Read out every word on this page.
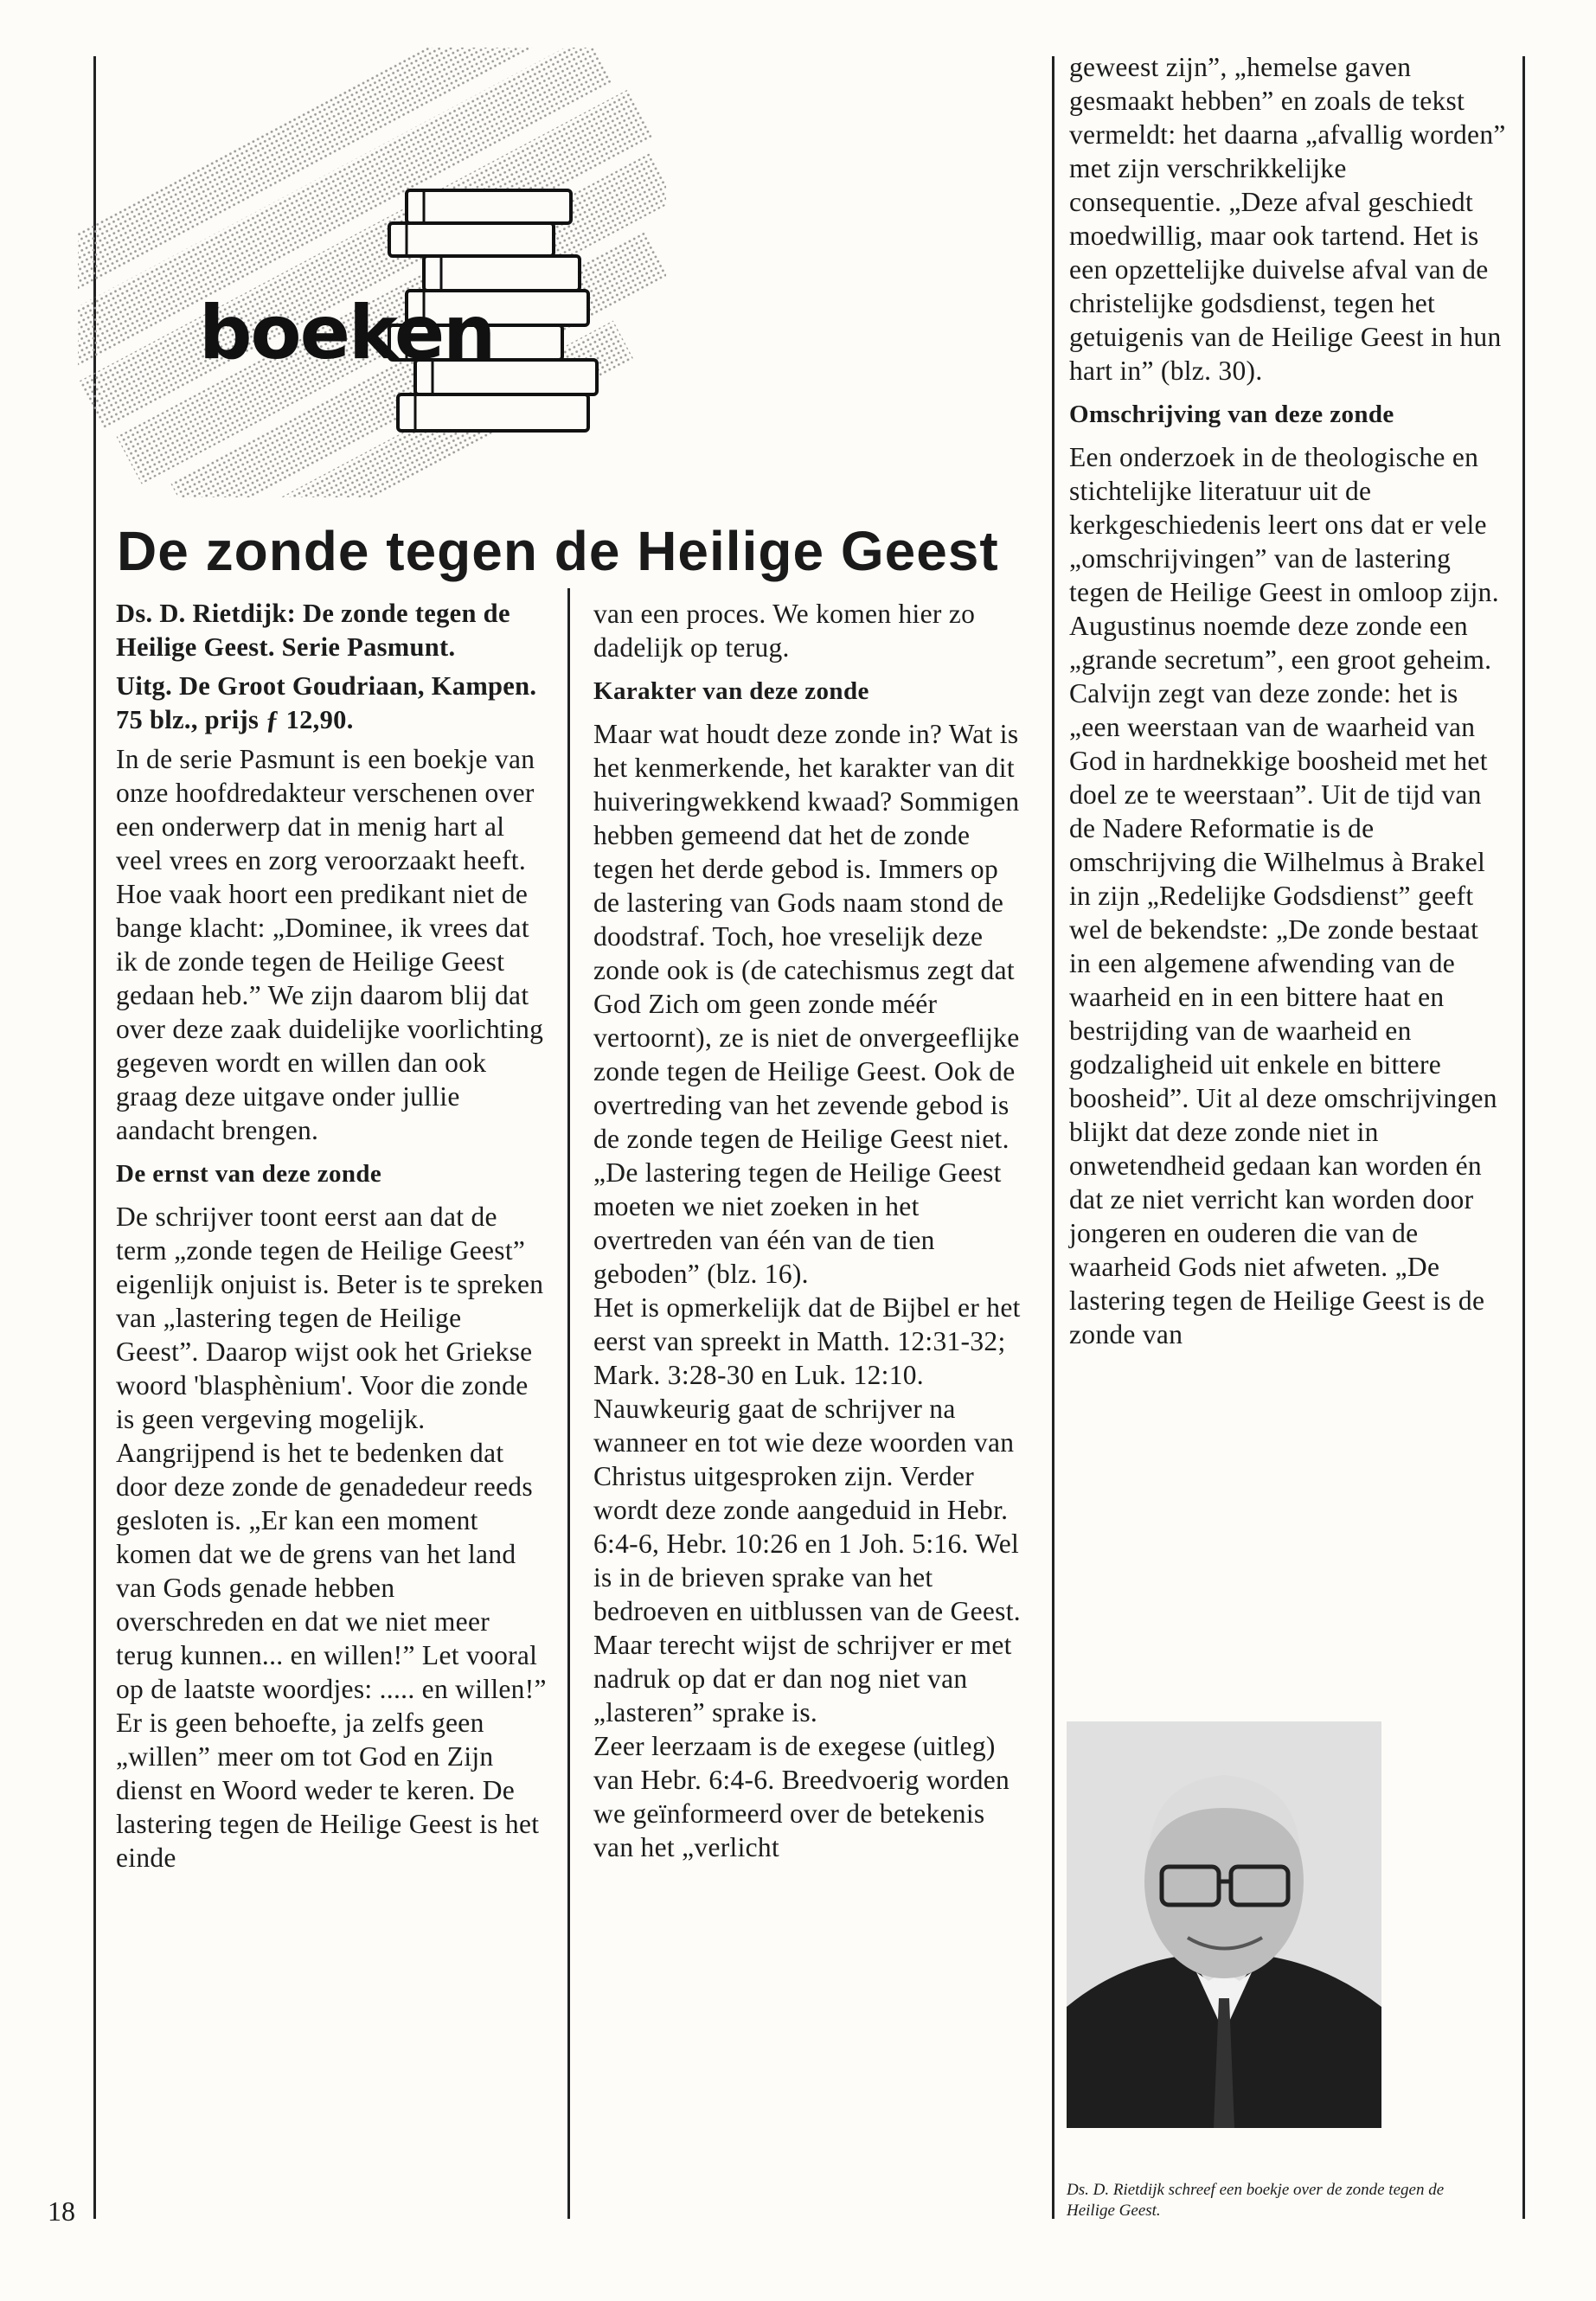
boeken
De zonde tegen de Heilige Geest

Ds. D. Rietdijk: De zonde tegen de Heilige Geest. Serie Pasmunt.

Uitg. De Groot Goudriaan, Kampen. 75 blz., prijs ƒ 12,90.

In de serie Pasmunt is een boekje van onze hoofdredakteur verschenen over een onderwerp dat in menig hart al veel vrees en zorg veroorzaakt heeft. Hoe vaak hoort een predikant niet de bange klacht: „Dominee, ik vrees dat ik de zonde tegen de Heilige Geest gedaan heb.” We zijn daarom blij dat over deze zaak duidelijke voorlichting gegeven wordt en willen dan ook graag deze uitgave onder jullie aandacht brengen.

De ernst van deze zonde

De schrijver toont eerst aan dat de term „zonde tegen de Heilige Geest” eigenlijk onjuist is. Beter is te spreken van „lastering tegen de Heilige Geest”. Daarop wijst ook het Griekse woord 'blasphènium'. Voor die zonde is geen vergeving mogelijk. Aangrijpend is het te bedenken dat door deze zonde de genadedeur reeds gesloten is. „Er kan een moment komen dat we de grens van het land van Gods genade hebben overschreden en dat we niet meer terug kunnen... en willen!” Let vooral op de laatste woordjes: ..... en willen!” Er is geen behoefte, ja zelfs geen „willen” meer om tot God en Zijn dienst en Woord weder te keren. De lastering tegen de Heilige Geest is het einde

van een proces. We komen hier zo dadelijk op terug.

Karakter van deze zonde

Maar wat houdt deze zonde in? Wat is het kenmerkende, het karakter van dit huiveringwekkend kwaad? Sommigen hebben gemeend dat het de zonde tegen het derde gebod is. Immers op de lastering van Gods naam stond de doodstraf. Toch, hoe vreselijk deze zonde ook is (de catechismus zegt dat God Zich om geen zonde méér vertoornt), ze is niet de onvergeeflijke zonde tegen de Heilige Geest. Ook de overtreding van het zevende gebod is de zonde tegen de Heilige Geest niet. „De lastering tegen de Heilige Geest moeten we niet zoeken in het overtreden van één van de tien geboden” (blz. 16).

Het is opmerkelijk dat de Bijbel er het eerst van spreekt in Matth. 12:31-32; Mark. 3:28-30 en Luk. 12:10.

Nauwkeurig gaat de schrijver na wanneer en tot wie deze woorden van Christus uitgesproken zijn. Verder wordt deze zonde aangeduid in Hebr. 6:4-6, Hebr. 10:26 en 1 Joh. 5:16. Wel is in de brieven sprake van het bedroeven en uitblussen van de Geest. Maar terecht wijst de schrijver er met nadruk op dat er dan nog niet van „lasteren” sprake is.

Zeer leerzaam is de exegese (uitleg) van Hebr. 6:4-6. Breedvoerig worden we geïnformeerd over de betekenis van het „verlicht

geweest zijn”, „hemelse gaven gesmaakt hebben” en zoals de tekst vermeldt: het daarna „afvallig worden” met zijn verschrikkelijke consequentie. „Deze afval geschiedt moedwillig, maar ook tartend. Het is een opzettelijke duivelse afval van de christelijke godsdienst, tegen het getuigenis van de Heilige Geest in hun hart in” (blz. 30).

Omschrijving van deze zonde

Een onderzoek in de theologische en stichtelijke literatuur uit de kerkgeschiedenis leert ons dat er vele „omschrijvingen” van de lastering tegen de Heilige Geest in omloop zijn. Augustinus noemde deze zonde een „grande secretum”, een groot geheim. Calvijn zegt van deze zonde: het is „een weerstaan van de waarheid van God in hardnekkige boosheid met het doel ze te weerstaan”. Uit de tijd van de Nadere Reformatie is de omschrijving die Wilhelmus à Brakel in zijn „Redelijke Godsdienst” geeft wel de bekendste: „De zonde bestaat in een algemene afwending van de waarheid en in een bittere haat en bestrijding van de waarheid en godzaligheid uit enkele en bittere boosheid”. Uit al deze omschrijvingen blijkt dat deze zonde niet in onwetendheid gedaan kan worden én dat ze niet verricht kan worden door jongeren en ouderen die van de waarheid Gods niet afweten. „De lastering tegen de Heilige Geest is de zonde van

Ds. D. Rietdijk schreef een boekje over de zonde tegen de Heilige Geest.

18
